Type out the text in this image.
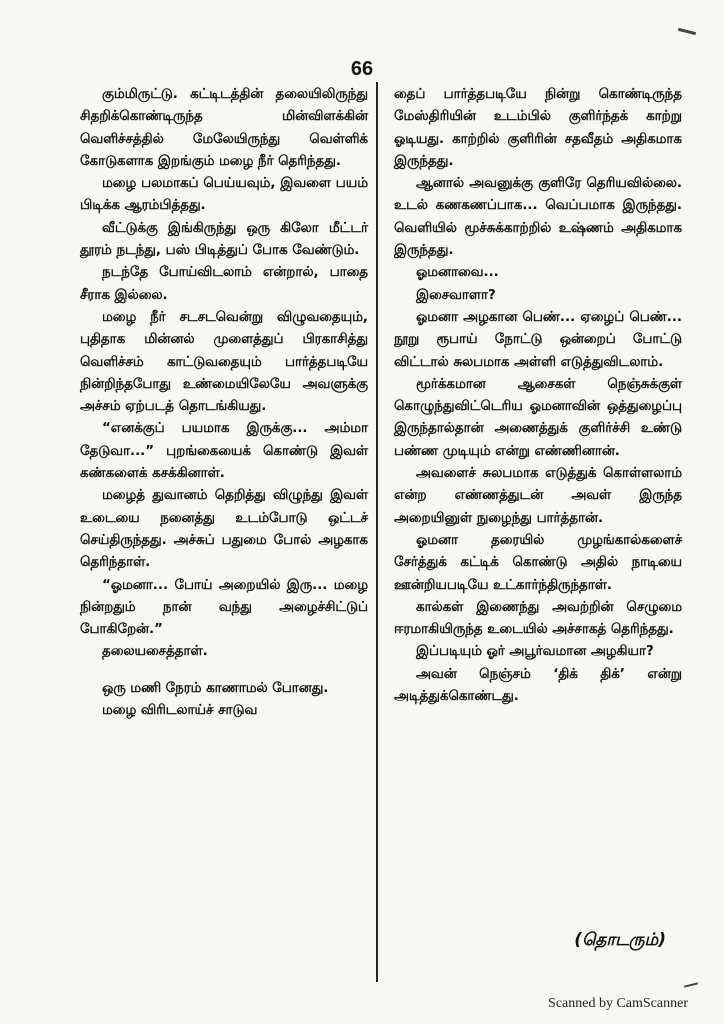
66

கும்மிருட்டு. கட்டிடத்தின் தலையிலிருந்து சிதறிக்கொண்டிருந்த மின்விளக்கின் வெளிச்சத்தில் மேலேயிருந்து வெள்ளிக் கோடுகளாக இறங்கும் மழை நீர் தெரிந்தது.

மழை பலமாகப் பெய்யவும், இவளை பயம் பிடிக்க ஆரம்பித்தது.

வீட்டுக்கு இங்கிருந்து ஒரு கிலோ மீட்டர் தூரம் நடந்து, பஸ் பிடித்துப் போக வேண்டும்.

நடந்தே போய்விடலாம் என்றால், பாதை சீராக இல்லை.

மழை நீர் சடசடவென்று விழுவதையும், புதிதாக மின்னல் முளைத்துப் பிரகாசித்து வெளிச்சம் காட்டுவதையும் பார்த்தபடியே நின்றிந்தபோது உண்மையிலேயே அவளுக்கு அச்சம் ஏற்படத் தொடங்கியது.

“எனக்குப் பயமாக இருக்கு... அம்மா தேடுவா...” புறங்கையைக் கொண்டு இவள் கண்களைக் கசக்கினாள்.

மழைத் துவானம் தெறித்து விழுந்து இவள் உடையை நனைத்து உடம்போடு ஒட்டச் செய்திருந்தது. அச்சுப் பதுமை போல் அழகாக தெரிந்தாள்.

“ஓமனா... போய் அறையில் இரு... மழை நின்றதும் நான் வந்து அழைச்சிட்டுப் போகிறேன்.”

தலையசைத்தாள்.

ஒரு மணி நேரம் காணாமல் போனது.

மழை விரிடலாய்ச் சாடுவ

தைப் பார்த்தபடியே நின்று கொண்டிருந்த மேஸ்திரியின் உடம்பில் குளிர்ந்தக் காற்று ஓடியது. காற்றில் குளிரின் சதவீதம் அதிகமாக இருந்தது.

ஆனால் அவனுக்கு குளிரே தெரியவில்லை. உடல் கணகணப்பாக... வெப்பமாக இருந்தது. வெளியில் மூச்சுக்காற்றில் உஷ்ணம் அதிகமாக இருந்தது.

ஓமனாவை...

இசைவாளா?

ஓமனா அழகான பெண்... ஏழைப் பெண்... நூறு ரூபாய் நோட்டு ஒன்றைப் போட்டு விட்டால் சுலபமாக அள்ளி எடுத்துவிடலாம்.

மூர்க்கமான ஆசைகள் நெஞ்சுக்குள் கொழுந்துவிட்டெரிய ஓமனாவின் ஒத்துழைப்பு இருந்தால்தான் அணைத்துக் குளிர்ச்சி உண்டு பண்ண முடியும் என்று எண்ணினான்.

அவளைச் சுலபமாக எடுத்துக் கொள்ளலாம் என்ற எண்ணத்துடன் அவள் இருந்த அறையினுள் நுழைந்து பார்த்தான்.

ஓமனா தரையில் முழங்கால்களைச் சேர்த்துக் கட்டிக் கொண்டு அதில் நாடியை ஊன்றியபடியே உட்கார்ந்திருந்தாள்.

கால்கள் இணைந்து அவற்றின் செழுமை ஈரமாகியிருந்த உடையில் அச்சாகத் தெரிந்தது.

இப்படியும் ஓர் அபூர்வமான அழகியா?

அவன் நெஞ்சம் ‘திக் திக்’ என்று அடித்துக்கொண்டது.

(தொடரும்)
Scanned by CamScanner
